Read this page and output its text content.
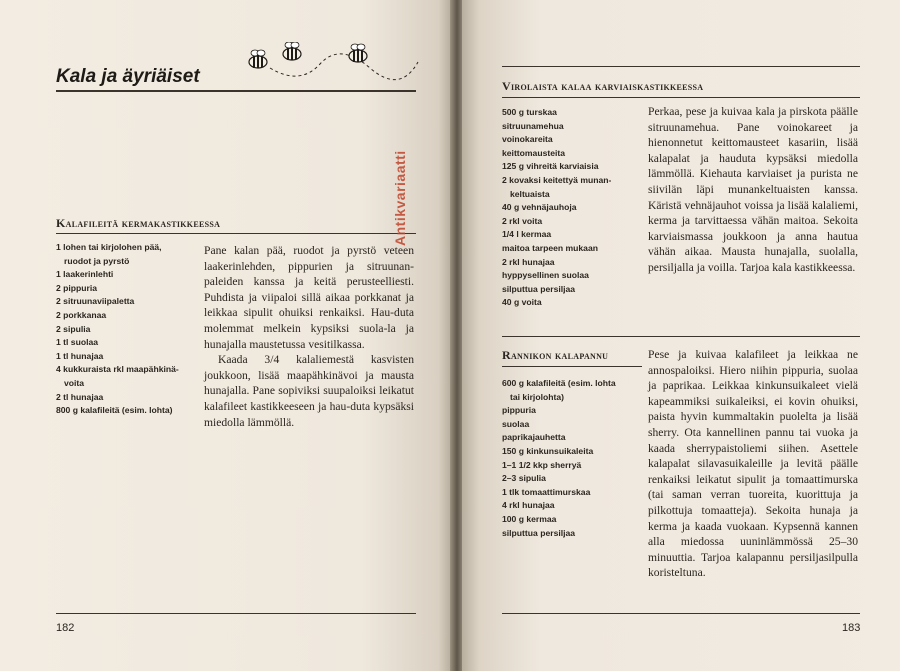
Kala ja äyriäiset
Kalafileitä kermakastikkeessa
1 lohen tai kirjolohen pää,
ruodot ja pyrstö
1 laakerinlehti
2 pippuria
2 sitruunaviipaletta
2 porkkanaa
2 sipulia
1 tl suolaa
1 tl hunajaa
4 kukkuraista rkl maapähkinä-
voita
2 tl hunajaa
800 g kalafileitä (esim. lohta)

Pane kalan pää, ruodot ja pyrstö veteen laakerinlehden, pippurien ja sitruunan-paleiden kanssa ja keitä perusteelliesti. Puhdista ja viipaloi sillä aikaa porkkanat ja leikkaa sipulit ohuiksi renkaiksi. Hau-duta molemmat melkein kypsiksi suola-la ja hunajalla maustetussa vesitilkassa.

Kaada 3/4 kalaliemestä kasvisten joukkoon, lisää maapähkinävoi ja mausta hunajalla. Pane sopiviksi suupaloiksi leikatut kalafileet kastikkeeseen ja hau-duta kypsäksi miedolla lämmöllä.

Antikvariaatti
182
Virolaista kalaa karviaiskastikkeessa
500 g turskaa
sitruunamehua
voinokareita
keittomausteita
125 g vihreitä karviaisia
2 kovaksi keitettyä munan-
keltuaista
40 g vehnäjauhoja
2 rkl voita
1/4 l kermaa
maitoa tarpeen mukaan
2 rkl hunajaa
hyppysellinen suolaa
silputtua persiljaa
40 g voita

Perkaa, pese ja kuivaa kala ja pirskota päälle sitruunamehua. Pane voinokareet ja hienonnetut keittomausteet kasariin, lisää kalapalat ja hauduta kypsäksi miedolla lämmöllä. Kiehauta karviaiset ja purista ne siivilän läpi munankeltuaisten kanssa. Käristä vehnäjauhot voissa ja lisää kalaliemi, kerma ja tarvittaessa vähän maitoa. Sekoita karviaismassa joukkoon ja anna hautua vähän aikaa. Mausta hunajalla, suolalla, persiljalla ja voilla. Tarjoa kala kastikkeessa.

Rannikon kalapannu
600 g kalafileitä (esim. lohta
tai kirjolohta)
pippuria
suolaa
paprikajauhetta
150 g kinkunsuikaleita
1–1 1/2 kkp sherryä
2–3 sipulia
1 tlk tomaattimurskaa
4 rkl hunajaa
100 g kermaa
silputtua persiljaa

Pese ja kuivaa kalafileet ja leikkaa ne annospaloiksi. Hiero niihin pippuria, suolaa ja paprikaa. Leikkaa kinkunsuikaleet vielä kapeammiksi suikaleiksi, ei kovin ohuiksi, paista hyvin kummaltakin puolelta ja lisää sherry. Ota kannellinen pannu tai vuoka ja kaada sherrypaistoliemi siihen. Asettele kalapalat silavasuikaleille ja levitä päälle renkaiksi leikatut sipulit ja tomaattimurska (tai saman verran tuoreita, kuorittuja ja pilkottuja tomaatteja). Sekoita hunaja ja kerma ja kaada vuokaan. Kypsennä kannen alla miedossa uuninlämmössä 25–30 minuuttia. Tarjoa kalapannu persiljasilpulla koristeltuna.

183
